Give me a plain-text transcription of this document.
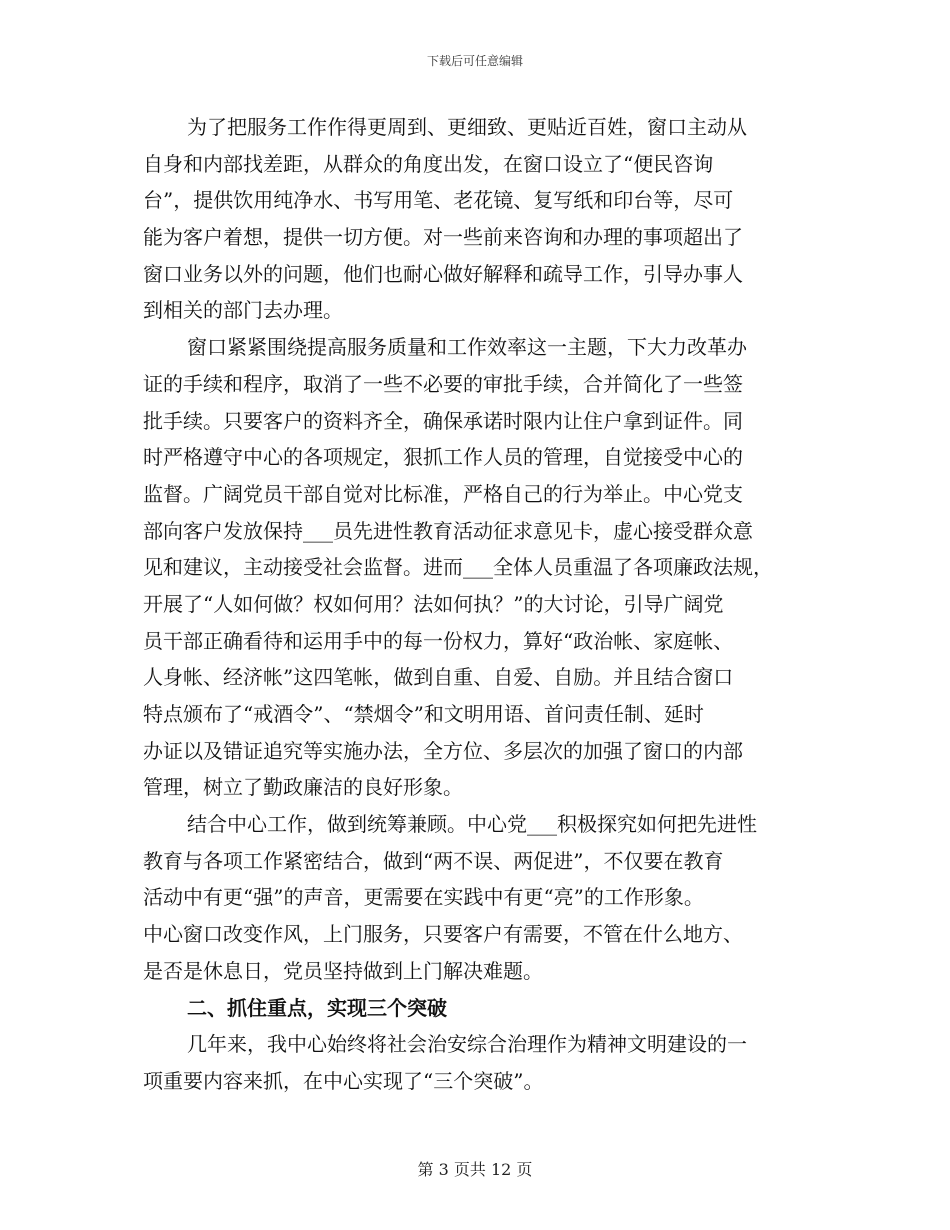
下载后可任意编辑
为了把服务工作作得更周到、更细致、更贴近百姓，窗口主动从
自身和内部找差距，从群众的角度出发，在窗口设立了“便民咨询
台”，提供饮用纯净水、书写用笔、老花镜、复写纸和印台等，尽可
能为客户着想，提供一切方便。对一些前来咨询和办理的事项超出了
窗口业务以外的问题，他们也耐心做好解释和疏导工作，引导办事人
到相关的部门去办理。
窗口紧紧围绕提高服务质量和工作效率这一主题，下大力改革办
证的手续和程序，取消了一些不必要的审批手续，合并简化了一些签
批手续。只要客户的资料齐全，确保承诺时限内让住户拿到证件。同
时严格遵守中心的各项规定，狠抓工作人员的管理，自觉接受中心的
监督。广阔党员干部自觉对比标准，严格自己的行为举止。中心党支
部向客户发放保持___员先进性教育活动征求意见卡，虚心接受群众意
见和建议，主动接受社会监督。进而___全体人员重温了各项廉政法规，
开展了“人如何做？权如何用？法如何执？”的大讨论，引导广阔党
员干部正确看待和运用手中的每一份权力，算好“政治帐、家庭帐、
人身帐、经济帐”这四笔帐，做到自重、自爱、自励。并且结合窗口
特点颁布了“戒酒令”、“禁烟令”和文明用语、首问责任制、延时
办证以及错证追究等实施办法，全方位、多层次的加强了窗口的内部
管理，树立了勤政廉洁的良好形象。
结合中心工作，做到统筹兼顾。中心党___积极探究如何把先进性
教育与各项工作紧密结合，做到“两不误、两促进”，不仅要在教育
活动中有更“强”的声音，更需要在实践中有更“亮”的工作形象。
中心窗口改变作风，上门服务，只要客户有需要，不管在什么地方、
是否是休息日，党员坚持做到上门解决难题。
二、抓住重点，实现三个突破
几年来，我中心始终将社会治安综合治理作为精神文明建设的一
项重要内容来抓，在中心实现了“三个突破”。
第 3 页共 12 页
